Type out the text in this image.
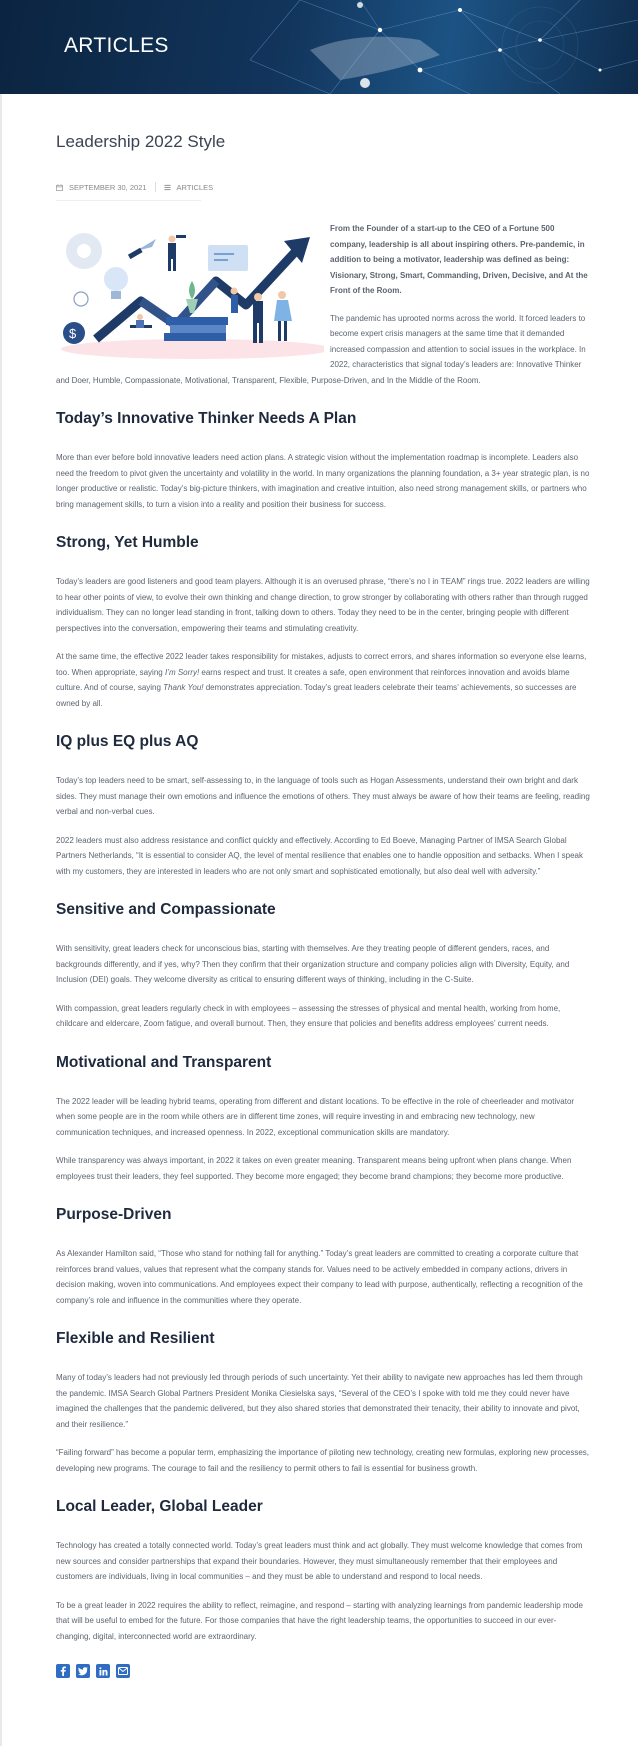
ARTICLES
Leadership 2022 Style
SEPTEMBER 30, 2021	ARTICLES
$

From the Founder of a start-up to the CEO of a Fortune 500 company, leadership is all about inspiring others. Pre-pandemic, in addition to being a motivator, leadership was defined as being: Visionary, Strong, Smart, Commanding, Driven, Decisive, and At the Front of the Room.

The pandemic has uprooted norms across the world. It forced leaders to become expert crisis managers at the same time that it demanded increased compassion and attention to social issues in the workplace. In 2022, characteristics that signal today’s leaders are: Innovative Thinker and Doer, Humble, Compassionate, Motivational, Transparent, Flexible, Purpose-Driven, and In the Middle of the Room.

Today’s Innovative Thinker Needs A Plan

More than ever before bold innovative leaders need action plans. A strategic vision without the implementation roadmap is incomplete. Leaders also need the freedom to pivot given the uncertainty and volatility in the world. In many organizations the planning foundation, a 3+ year strategic plan, is no longer productive or realistic. Today’s big-picture thinkers, with imagination and creative intuition, also need strong management skills, or partners who bring management skills, to turn a vision into a reality and position their business for success.

Strong, Yet Humble

Today’s leaders are good listeners and good team players. Although it is an overused phrase, “there’s no I in TEAM” rings true. 2022 leaders are willing to hear other points of view, to evolve their own thinking and change direction, to grow stronger by collaborating with others rather than through rugged individualism. They can no longer lead standing in front, talking down to others. Today they need to be in the center, bringing people with different perspectives into the conversation, empowering their teams and stimulating creativity.

At the same time, the effective 2022 leader takes responsibility for mistakes, adjusts to correct errors, and shares information so everyone else learns, too. When appropriate, saying I’m Sorry! earns respect and trust. It creates a safe, open environment that reinforces innovation and avoids blame culture. And of course, saying Thank You! demonstrates appreciation. Today’s great leaders celebrate their teams’ achievements, so successes are owned by all.

IQ plus EQ plus AQ

Today’s top leaders need to be smart, self-assessing to, in the language of tools such as Hogan Assessments, understand their own bright and dark sides. They must manage their own emotions and influence the emotions of others. They must always be aware of how their teams are feeling, reading verbal and non-verbal cues.

2022 leaders must also address resistance and conflict quickly and effectively. According to Ed Boeve, Managing Partner of IMSA Search Global Partners Netherlands, “It is essential to consider AQ, the level of mental resilience that enables one to handle opposition and setbacks. When I speak with my customers, they are interested in leaders who are not only smart and sophisticated emotionally, but also deal well with adversity.”

Sensitive and Compassionate

With sensitivity, great leaders check for unconscious bias, starting with themselves. Are they treating people of different genders, races, and backgrounds differently, and if yes, why? Then they confirm that their organization structure and company policies align with Diversity, Equity, and Inclusion (DEI) goals. They welcome diversity as critical to ensuring different ways of thinking, including in the C-Suite.

With compassion, great leaders regularly check in with employees – assessing the stresses of physical and mental health, working from home, childcare and eldercare, Zoom fatigue, and overall burnout. Then, they ensure that policies and benefits address employees’ current needs.

Motivational and Transparent

The 2022 leader will be leading hybrid teams, operating from different and distant locations. To be effective in the role of cheerleader and motivator when some people are in the room while others are in different time zones, will require investing in and embracing new technology, new communication techniques, and increased openness. In 2022, exceptional communication skills are mandatory.

While transparency was always important, in 2022 it takes on even greater meaning. Transparent means being upfront when plans change. When employees trust their leaders, they feel supported. They become more engaged; they become brand champions; they become more productive.

Purpose-Driven

As Alexander Hamilton said, “Those who stand for nothing fall for anything.” Today’s great leaders are committed to creating a corporate culture that reinforces brand values, values that represent what the company stands for. Values need to be actively embedded in company actions, drivers in decision making, woven into communications. And employees expect their company to lead with purpose, authentically, reflecting a recognition of the company’s role and influence in the communities where they operate.

Flexible and Resilient

Many of today’s leaders had not previously led through periods of such uncertainty. Yet their ability to navigate new approaches has led them through the pandemic. IMSA Search Global Partners President Monika Ciesielska says, “Several of the CEO’s I spoke with told me they could never have imagined the challenges that the pandemic delivered, but they also shared stories that demonstrated their tenacity, their ability to innovate and pivot, and their resilience.”

“Failing forward” has become a popular term, emphasizing the importance of piloting new technology, creating new formulas, exploring new processes, developing new programs. The courage to fail and the resiliency to permit others to fail is essential for business growth.

Local Leader, Global Leader

Technology has created a totally connected world. Today’s great leaders must think and act globally. They must welcome knowledge that comes from new sources and consider partnerships that expand their boundaries. However, they must simultaneously remember that their employees and customers are individuals, living in local communities – and they must be able to understand and respond to local needs.

To be a great leader in 2022 requires the ability to reflect, reimagine, and respond – starting with analyzing learnings from pandemic leadership mode that will be useful to embed for the future. For those companies that have the right leadership teams, the opportunities to succeed in our ever-changing, digital, interconnected world are extraordinary.
